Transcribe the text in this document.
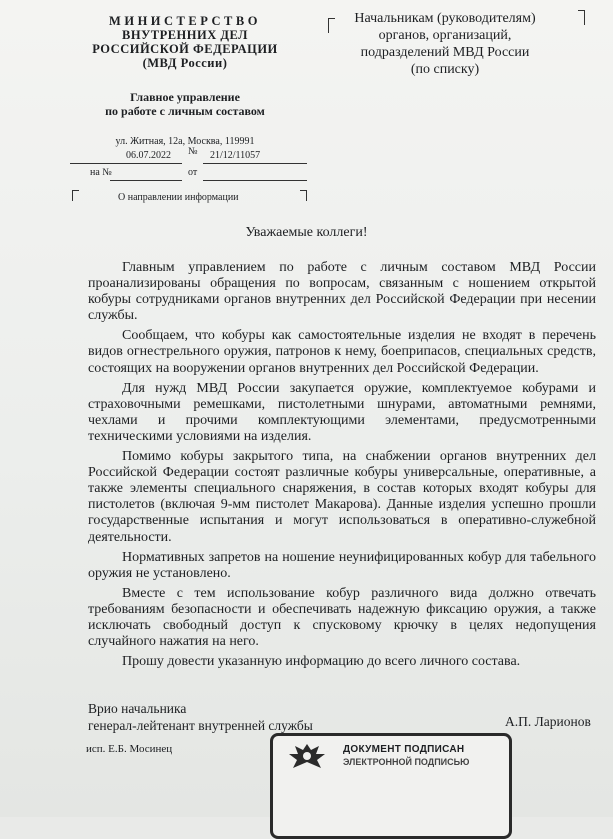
МИНИСТЕРСТВО
ВНУТРЕННИХ ДЕЛ
РОССИЙСКОЙ ФЕДЕРАЦИИ
(МВД России)
Главное управление
по работе с личным составом
ул. Житная, 12а, Москва, 119991
06.07.2022 № 21/12/11057
на №	от
О направлении информации
Начальникам (руководителям)
органов, организаций,
подразделений МВД России
(по списку)
Уважаемые коллеги!

Главным управлением по работе с личным составом МВД России проанализированы обращения по вопросам, связанным с ношением открытой кобуры сотрудниками органов внутренних дел Российской Федерации при несении службы.

Сообщаем, что кобуры как самостоятельные изделия не входят в перечень видов огнестрельного оружия, патронов к нему, боеприпасов, специальных средств, состоящих на вооружении органов внутренних дел Российской Федерации.

Для нужд МВД России закупается оружие, комплектуемое кобурами и страховочными ремешками, пистолетными шнурами, автоматными ремнями, чехлами и прочими комплектующими элементами, предусмотренными техническими условиями на изделия.

Помимо кобуры закрытого типа, на снабжении органов внутренних дел Российской Федерации состоят различные кобуры универсальные, оперативные, а также элементы специального снаряжения, в состав которых входят кобуры для пистолетов (включая 9-мм пистолет Макарова). Данные изделия успешно прошли государственные испытания и могут использоваться в оперативно-служебной деятельности.

Нормативных запретов на ношение неунифицированных кобур для табельного оружия не установлено.

Вместе с тем использование кобур различного вида должно отвечать требованиям безопасности и обеспечивать надежную фиксацию оружия, а также исключать свободный доступ к спусковому крючку в целях недопущения случайного нажатия на него.

Прошу довести указанную информацию до всего личного состава.

Врио начальника
генерал-лейтенант внутренней службы	А.П. Ларионов
исп. Е.Б. Мосинец	ДОКУМЕНТ ПОДПИСАН
ЭЛЕКТРОННОЙ ПОДПИСЬЮ
